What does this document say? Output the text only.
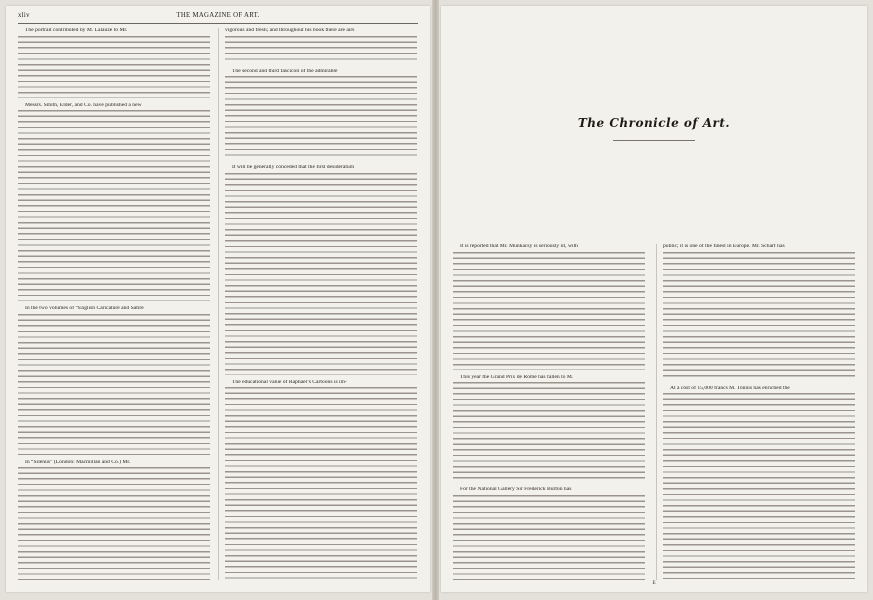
xliv	THE MAGAZINE OF ART.
The portrait contributed by M. Lalauze to Mr.
Messrs. Smith, Elder, and Co. have published a new
In the two volumes of “English Caricature and Satire
In “Silenus” (London: Macmillan and Co.) Mr.
vigorous and fresh; and throughout his book there are airs
The second and third fascicoli of the admirable
It will be generally conceded that the first desideratum
The educational value of Raphael’s Cartoons is im-
The Chronicle of Art.
It is reported that Mr. Munkacsy is seriously ill, with
This year the Grand Prix de Rome has fallen to M.
For the National Gallery Sir Frederick Burton has
public; it is one of the finest in Europe. Mr. Scharf has
At a cost of 15,000 francs M. Tonnis has enriched the
E
